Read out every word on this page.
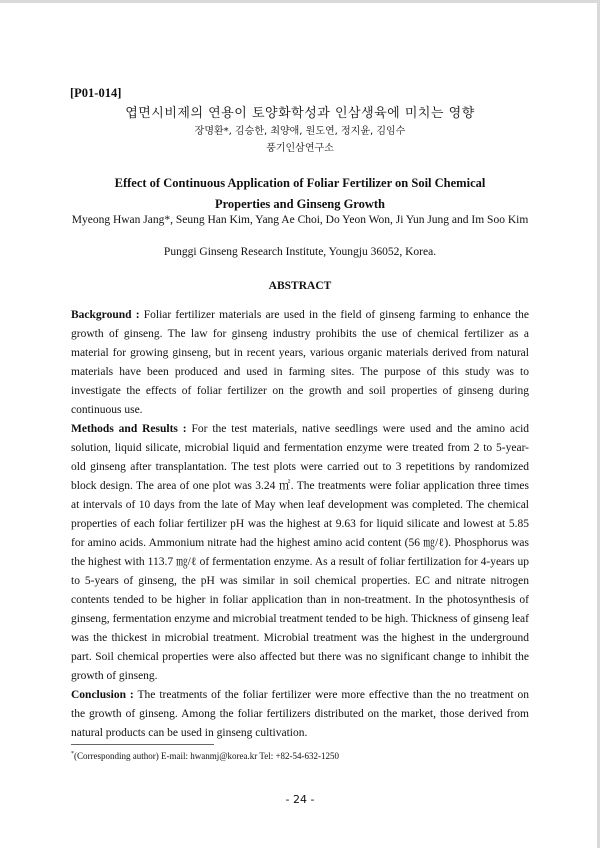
[P01-014]
엽면시비제의 연용이 토양화학성과 인삼생육에 미치는 영향
장명환*, 김승한, 최양애, 원도연, 정지윤, 김임수
풍기인삼연구소
Effect of Continuous Application of Foliar Fertilizer on Soil Chemical Properties and Ginseng Growth
Myeong Hwan Jang*, Seung Han Kim, Yang Ae Choi, Do Yeon Won, Ji Yun Jung and Im Soo Kim
Punggi Ginseng Research Institute, Youngju 36052, Korea.
ABSTRACT

Background : Foliar fertilizer materials are used in the field of ginseng farming to enhance the growth of ginseng. The law for ginseng industry prohibits the use of chemical fertilizer as a material for growing ginseng, but in recent years, various organic materials derived from natural materials have been produced and used in farming sites. The purpose of this study was to investigate the effects of foliar fertilizer on the growth and soil properties of ginseng during continuous use.

Methods and Results : For the test materials, native seedlings were used and the amino acid solution, liquid silicate, microbial liquid and fermentation enzyme were treated from 2 to 5‑year-old ginseng after transplantation. The test plots were carried out to 3 repetitions by randomized block design. The area of one plot was 3.24 ㎡. The treatments were foliar application three times at intervals of 10 days from the late of May when leaf development was completed. The chemical properties of each foliar fertilizer pH was the highest at 9.63 for liquid silicate and lowest at 5.85 for amino acids. Ammonium nitrate had the highest amino acid content (56 ㎎/ℓ). Phosphorus was the highest with 113.7 ㎎/ℓ of fermentation enzyme. As a result of foliar fertilization for 4-years up to 5-years of ginseng, the pH was similar in soil chemical properties. EC and nitrate nitrogen contents tended to be higher in foliar application than in non-treatment. In the photosynthesis of ginseng, fermentation enzyme and microbial treatment tended to be high. Thickness of ginseng leaf was the thickest in microbial treatment. Microbial treatment was the highest in the underground part. Soil chemical properties were also affected but there was no significant change to inhibit the growth of ginseng.

Conclusion : The treatments of the foliar fertilizer were more effective than the no treatment on the growth of ginseng. Among the foliar fertilizers distributed on the market, those derived from natural products can be used in ginseng cultivation.

*(Corresponding author) E-mail: hwanmj@korea.kr Tel: +82-54-632-1250
- 24 -
